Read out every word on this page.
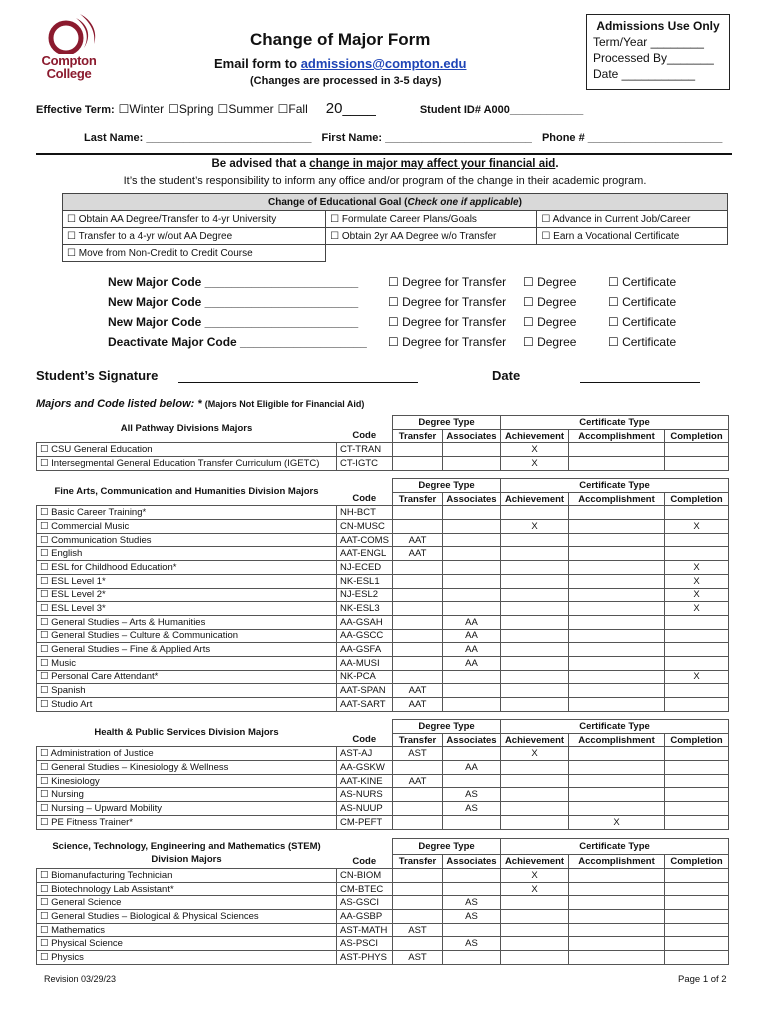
Compton
College
Change of Major Form
Email form to admissions@compton.edu
(Changes are processed in 3-5 days)
Admissions Use Only
Term/Year ________
Processed By_______
Date ___________
Effective Term: ☐Winter ☐Spring ☐Summer ☐Fall 20____	Student ID# A000____________
Last Name: ___________________________ First Name: ________________________ Phone # ______________________
Be advised that a change in major may affect your financial aid.
It’s the student’s responsibility to inform any office and/or program of the change in their academic program.
Change of Educational Goal (Check one if applicable)		
☐ Obtain AA Degree/Transfer to 4-yr University	☐ Formulate Career Plans/Goals	☐ Advance in Current Job/Career
☐ Transfer to a 4-yr w/out AA Degree	☐ Obtain 2yr AA Degree w/o Transfer	☐ Earn a Vocational Certificate
☐ Move from Non-Credit to Credit Course		
New Major Code _______________________	☐ Degree for Transfer	☐ Degree	☐ Certificate
New Major Code _______________________	☐ Degree for Transfer	☐ Degree	☐ Certificate
New Major Code _______________________	☐ Degree for Transfer	☐ Degree	☐ Certificate
Deactivate Major Code ___________________	☐ Degree for Transfer	☐ Degree	☐ Certificate
Student’s Signature	Date
Majors and Code listed below: * (Majors Not Eligible for Financial Aid)
All Pathway Divisions Majors		Degree Type		Certificate Type		
	Code	Transfer	Associates	Achievement	Accomplishment	Completion
☐ CSU General Education	CT-TRAN			X		
☐ Intersegmental General Education Transfer Curriculum (IGETC)	CT-IGTC			X		
Fine Arts, Communication and Humanities Division Majors		Degree Type		Certificate Type		
	Code	Transfer	Associates	Achievement	Accomplishment	Completion
☐ Basic Career Training*	NH-BCT					
☐ Commercial Music	CN-MUSC			X		X
☐ Communication Studies	AAT-COMS	AAT				
☐ English	AAT-ENGL	AAT				
☐ ESL for Childhood Education*	NJ-ECED					X
☐ ESL Level 1*	NK-ESL1					X
☐ ESL Level 2*	NJ-ESL2					X
☐ ESL Level 3*	NK-ESL3					X
☐ General Studies – Arts & Humanities	AA-GSAH		AA			
☐ General Studies – Culture & Communication	AA-GSCC		AA			
☐ General Studies – Fine & Applied Arts	AA-GSFA		AA			
☐ Music	AA-MUSI		AA			
☐ Personal Care Attendant*	NK-PCA					X
☐ Spanish	AAT-SPAN	AAT				
☐ Studio Art	AAT-SART	AAT				
Health & Public Services Division Majors		Degree Type		Certificate Type		
	Code	Transfer	Associates	Achievement	Accomplishment	Completion
☐ Administration of Justice	AST-AJ	AST		X		
☐ General Studies – Kinesiology & Wellness	AA-GSKW		AA			
☐ Kinesiology	AAT-KINE	AAT				
☐ Nursing	AS-NURS		AS			
☐ Nursing – Upward Mobility	AS-NUUP		AS			
☐ PE Fitness Trainer*	CM-PEFT				X	
Science, Technology, Engineering and Mathematics (STEM) Division Majors		Degree Type		Certificate Type		
	Code	Transfer	Associates	Achievement	Accomplishment	Completion
☐ Biomanufacturing Technician	CN-BIOM			X		
☐ Biotechnology Lab Assistant*	CM-BTEC			X		
☐ General Science	AS-GSCI		AS			
☐ General Studies – Biological & Physical Sciences	AA-GSBP		AS			
☐ Mathematics	AST-MATH	AST				
☐ Physical Science	AS-PSCI		AS			
☐ Physics	AST-PHYS	AST				
Revision 03/29/23	Page 1 of 2
